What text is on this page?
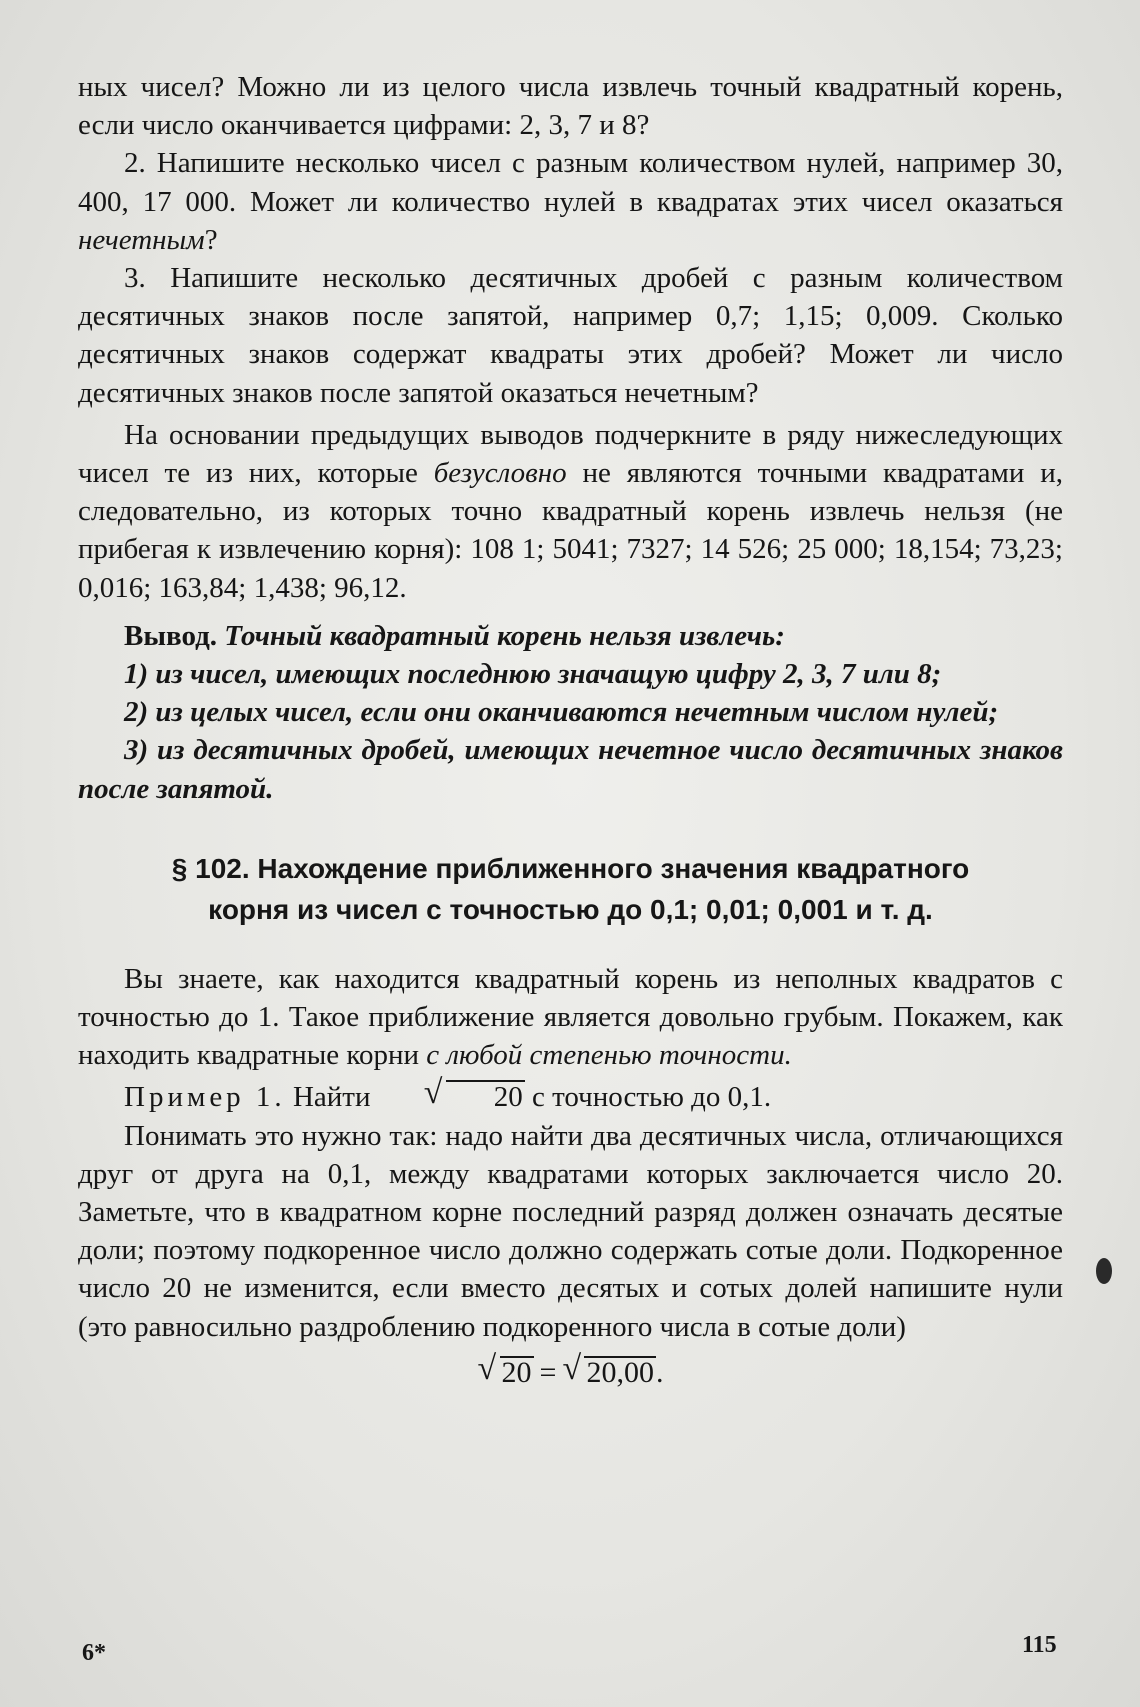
ных чисел? Можно ли из целого числа извлечь точный квадратный корень, если число оканчивается цифрами: 2, 3, 7 и 8?

2. Напишите несколько чисел с разным количеством нулей, например 30, 400, 17 000. Может ли количество нулей в квадратах этих чисел оказаться нечетным?

3. Напишите несколько десятичных дробей с разным количеством десятичных знаков после запятой, например 0,7; 1,15; 0,009. Сколько десятичных знаков содержат квадраты этих дробей? Может ли число десятичных знаков после запятой оказаться нечетным?

На основании предыдущих выводов подчеркните в ряду нижеследующих чисел те из них, которые безусловно не являются точными квадратами и, следовательно, из которых точно квадратный корень извлечь нельзя (не прибегая к извлечению корня): 108 1; 5041; 7327; 14 526; 25 000; 18,154; 73,23; 0,016; 163,84; 1,438; 96,12.

Вывод. Точный квадратный корень нельзя извлечь:

1) из чисел, имеющих последнюю значащую цифру 2, 3, 7 или 8;

2) из целых чисел, если они оканчиваются нечетным числом нулей;

3) из десятичных дробей, имеющих нечетное число десятичных знаков после запятой.

§ 102. Нахождение приближенного значения квадратного
корня из чисел с точностью до 0,1; 0,01; 0,001 и т. д.

Вы знаете, как находится квадратный корень из неполных квадратов с точностью до 1. Такое приближение является довольно грубым. Покажем, как находить квадратные корни с любой степенью точности.

Пример 1. Найти	√ 20 с точностью до 0,1.

Понимать это нужно так: надо найти два десятичных числа, отличающихся друг от друга на 0,1, между квадратами которых заключается число 20. Заметьте, что в квадратном корне последний разряд должен означать десятые доли; поэтому подкоренное число должно содержать сотые доли. Подкоренное число 20 не изменится, если вместо десятых и сотых долей напишите нули (это равносильно раздроблению подкоренного числа в сотые доли)

√ 20 = √ 20,00.

6*	115
